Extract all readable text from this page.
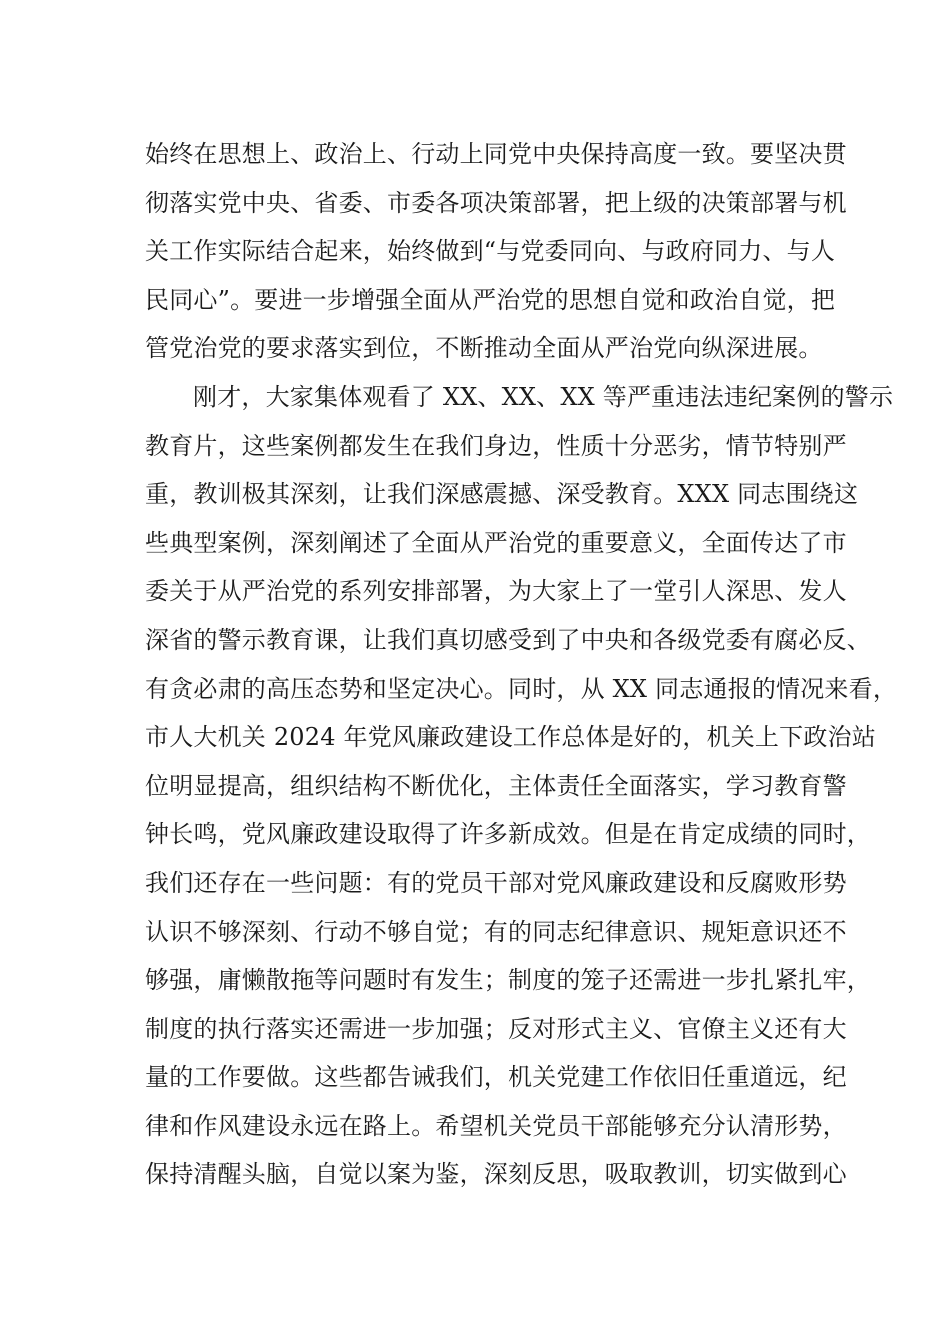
始终在思想上、政治上、行动上同党中央保持高度一致。要坚决贯
彻落实党中央、省委、市委各项决策部署，把上级的决策部署与机
关工作实际结合起来，始终做到“与党委同向、与政府同力、与人
民同心”。要进一步增强全面从严治党的思想自觉和政治自觉，把
管党治党的要求落实到位，不断推动全面从严治党向纵深进展。
刚才，大家集体观看了 XX、XX、XX 等严重违法违纪案例的警示
教育片，这些案例都发生在我们身边，性质十分恶劣，情节特别严
重，教训极其深刻，让我们深感震撼、深受教育。XXX 同志围绕这
些典型案例，深刻阐述了全面从严治党的重要意义，全面传达了市
委关于从严治党的系列安排部署，为大家上了一堂引人深思、发人
深省的警示教育课，让我们真切感受到了中央和各级党委有腐必反、
有贪必肃的高压态势和坚定决心。同时，从 XX 同志通报的情况来看，
市人大机关 2024 年党风廉政建设工作总体是好的，机关上下政治站
位明显提高，组织结构不断优化，主体责任全面落实，学习教育警
钟长鸣，党风廉政建设取得了许多新成效。但是在肯定成绩的同时，
我们还存在一些问题：有的党员干部对党风廉政建设和反腐败形势
认识不够深刻、行动不够自觉；有的同志纪律意识、规矩意识还不
够强，庸懒散拖等问题时有发生；制度的笼子还需进一步扎紧扎牢，
制度的执行落实还需进一步加强；反对形式主义、官僚主义还有大
量的工作要做。这些都告诫我们，机关党建工作依旧任重道远，纪
律和作风建设永远在路上。希望机关党员干部能够充分认清形势，
保持清醒头脑，自觉以案为鉴，深刻反思，吸取教训，切实做到心
